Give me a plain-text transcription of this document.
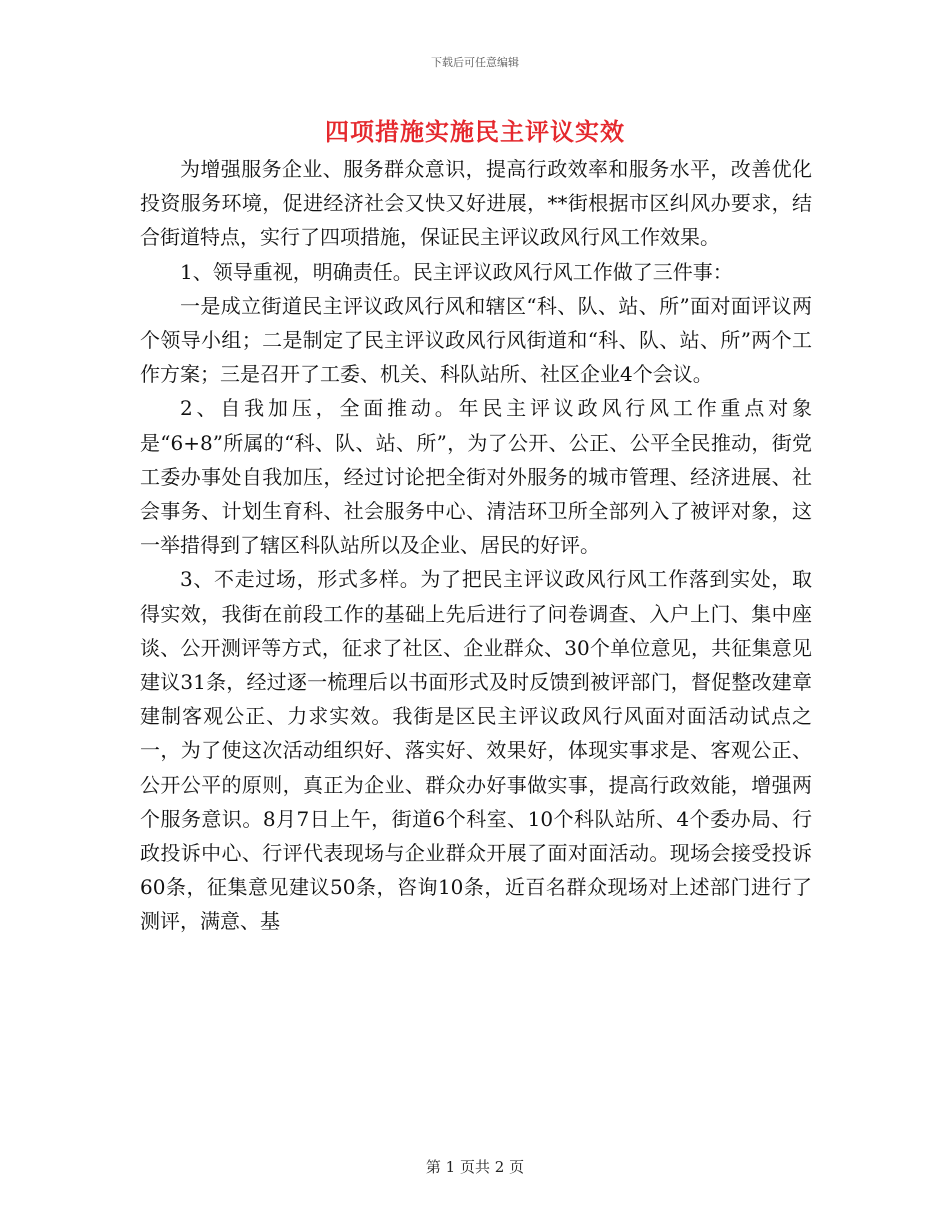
下载后可任意编辑
四项措施实施民主评议实效

为增强服务企业、服务群众意识，提高行政效率和服务水平，改善优化投资服务环境，促进经济社会又快又好进展，**街根据市区纠风办要求，结合街道特点，实行了四项措施，保证民主评议政风行风工作效果。

1、领导重视，明确责任。民主评议政风行风工作做了三件事：

一是成立街道民主评议政风行风和辖区“科、队、站、所”面对面评议两个领导小组；二是制定了民主评议政风行风街道和“科、队、站、所”两个工作方案；三是召开了工委、机关、科队站所、社区企业4个会议。

2、自我加压，全面推动。年民主评议政风行风工作重点对象是“6+8”所属的“科、队、站、所”，为了公开、公正、公平全民推动，街党工委办事处自我加压，经过讨论把全街对外服务的城市管理、经济进展、社会事务、计划生育科、社会服务中心、清洁环卫所全部列入了被评对象，这一举措得到了辖区科队站所以及企业、居民的好评。

3、不走过场，形式多样。为了把民主评议政风行风工作落到实处，取得实效，我街在前段工作的基础上先后进行了问卷调查、入户上门、集中座谈、公开测评等方式，征求了社区、企业群众、30个单位意见，共征集意见建议31条，经过逐一梳理后以书面形式及时反馈到被评部门，督促整改建章建制客观公正、力求实效。我街是区民主评议政风行风面对面活动试点之一，为了使这次活动组织好、落实好、效果好，体现实事求是、客观公正、公开公平的原则，真正为企业、群众办好事做实事，提高行政效能，增强两个服务意识。8月7日上午，街道6个科室、10个科队站所、4个委办局、行政投诉中心、行评代表现场与企业群众开展了面对面活动。现场会接受投诉60条，征集意见建议50条，咨询10条，近百名群众现场对上述部门进行了测评，满意、基

第 1 页共 2 页
